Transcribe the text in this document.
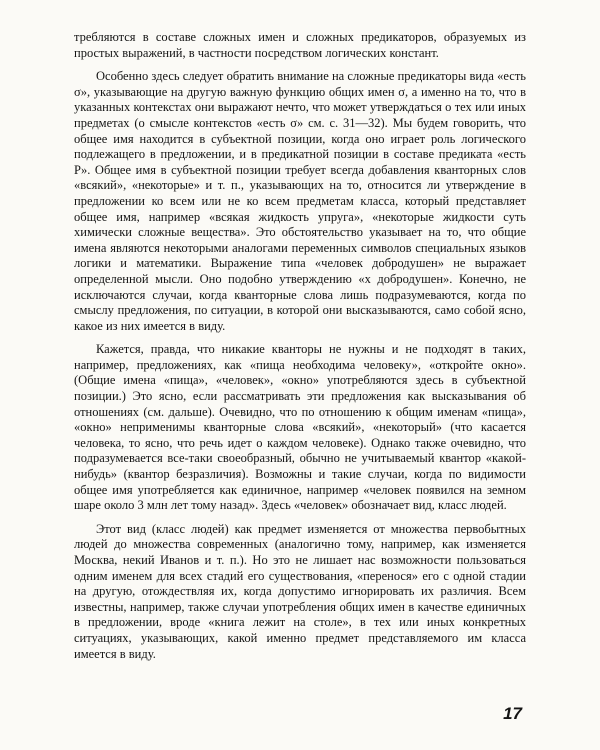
требляются в составе сложных имен и сложных предикаторов, образуемых из простых выражений, в частности посредством логических констант.

Особенно здесь следует обратить внимание на сложные предикаторы вида «есть σ», указывающие на другую важную функцию общих имен σ, а именно на то, что в указанных контекстах они выражают нечто, что может утверждаться о тех или иных предметах (о смысле контекстов «есть σ» см. с. 31—32). Мы будем говорить, что общее имя находится в субъектной позиции, когда оно играет роль логического подлежащего в предложении, и в предикатной позиции в составе предиката «есть P». Общее имя в субъектной позиции требует всегда добавления кванторных слов «всякий», «некоторые» и т. п., указывающих на то, относится ли утверждение в предложении ко всем или не ко всем предметам класса, который представляет общее имя, например «всякая жидкость упруга», «некоторые жидкости суть химически сложные вещества». Это обстоятельство указывает на то, что общие имена являются некоторыми аналогами переменных символов специальных языков логики и математики. Выражение типа «человек добродушен» не выражает определенной мысли. Оно подобно утверждению «x добродушен». Конечно, не исключаются случаи, когда кванторные слова лишь подразумеваются, когда по смыслу предложения, по ситуации, в которой они высказываются, само собой ясно, какое из них имеется в виду.

Кажется, правда, что никакие кванторы не нужны и не подходят в таких, например, предложениях, как «пища необходима человеку», «откройте окно». (Общие имена «пища», «человек», «окно» употребляются здесь в субъектной позиции.) Это ясно, если рассматривать эти предложения как высказывания об отношениях (см. дальше). Очевидно, что по отношению к общим именам «пища», «окно» неприменимы кванторные слова «всякий», «некоторый» (что касается человека, то ясно, что речь идет о каждом человеке). Однако также очевидно, что подразумевается все-таки своеобразный, обычно не учитываемый квантор «какой-нибудь» (квантор безразличия). Возможны и такие случаи, когда по видимости общее имя употребляется как единичное, например «человек появился на земном шаре около 3 млн лет тому назад». Здесь «человек» обозначает вид, класс людей.

Этот вид (класс людей) как предмет изменяется от множества первобытных людей до множества современных (аналогично тому, например, как изменяется Москва, некий Иванов и т. п.). Но это не лишает нас возможности пользоваться одним именем для всех стадий его существования, «перенося» его с одной стадии на другую, отождествляя их, когда допустимо игнорировать их различия. Всем известны, например, также случаи употребления общих имен в качестве единичных в предложении, вроде «книга лежит на столе», в тех или иных конкретных ситуациях, указывающих, какой именно предмет представляемого им класса имеется в виду.

17
